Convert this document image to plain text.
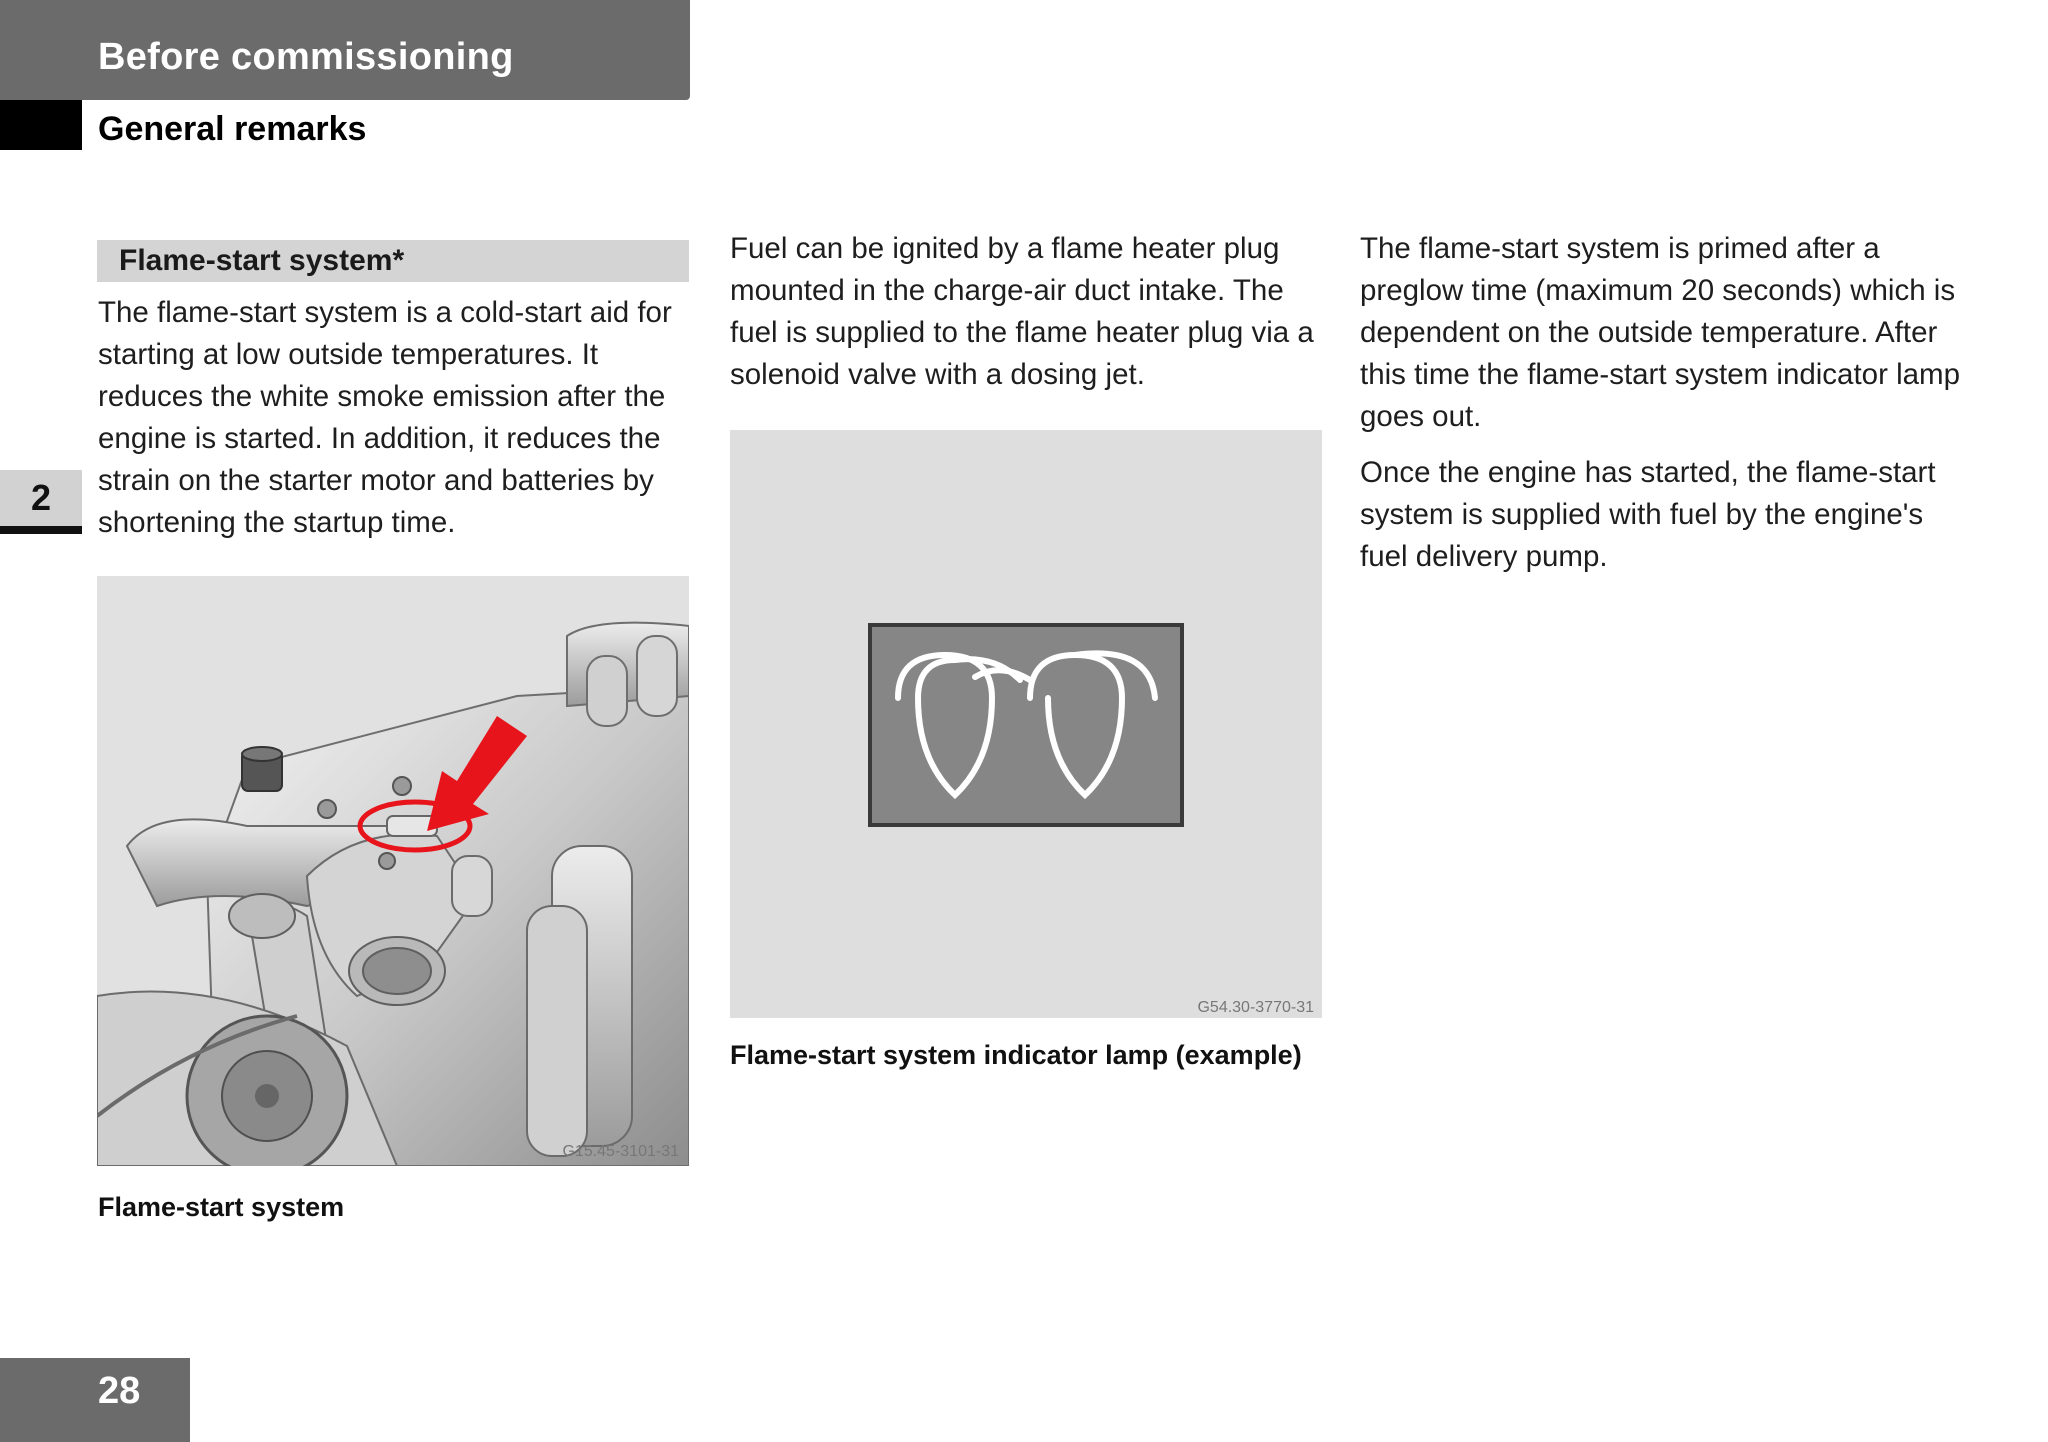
Before commissioning
General remarks
2
Flame-start system*

The flame-start system is a cold-start aid for starting at low outside temperatures. It reduces the white smoke emission after the engine is started. In addition, it reduces the strain on the starter motor and batteries by shortening the startup time.

G15.45-3101-31
Flame-start system

Fuel can be ignited by a flame heater plug mounted in the charge-air duct intake. The fuel is supplied to the flame heater plug via a solenoid valve with a dosing jet.

G54.30-3770-31
Flame-start system indicator lamp (example)

The flame-start system is primed after a preglow time (maximum 20 seconds) which is dependent on the outside temperature. After this time the flame-start system indicator lamp goes out.

Once the engine has started, the flame-start system is supplied with fuel by the engine's fuel delivery pump.

28
